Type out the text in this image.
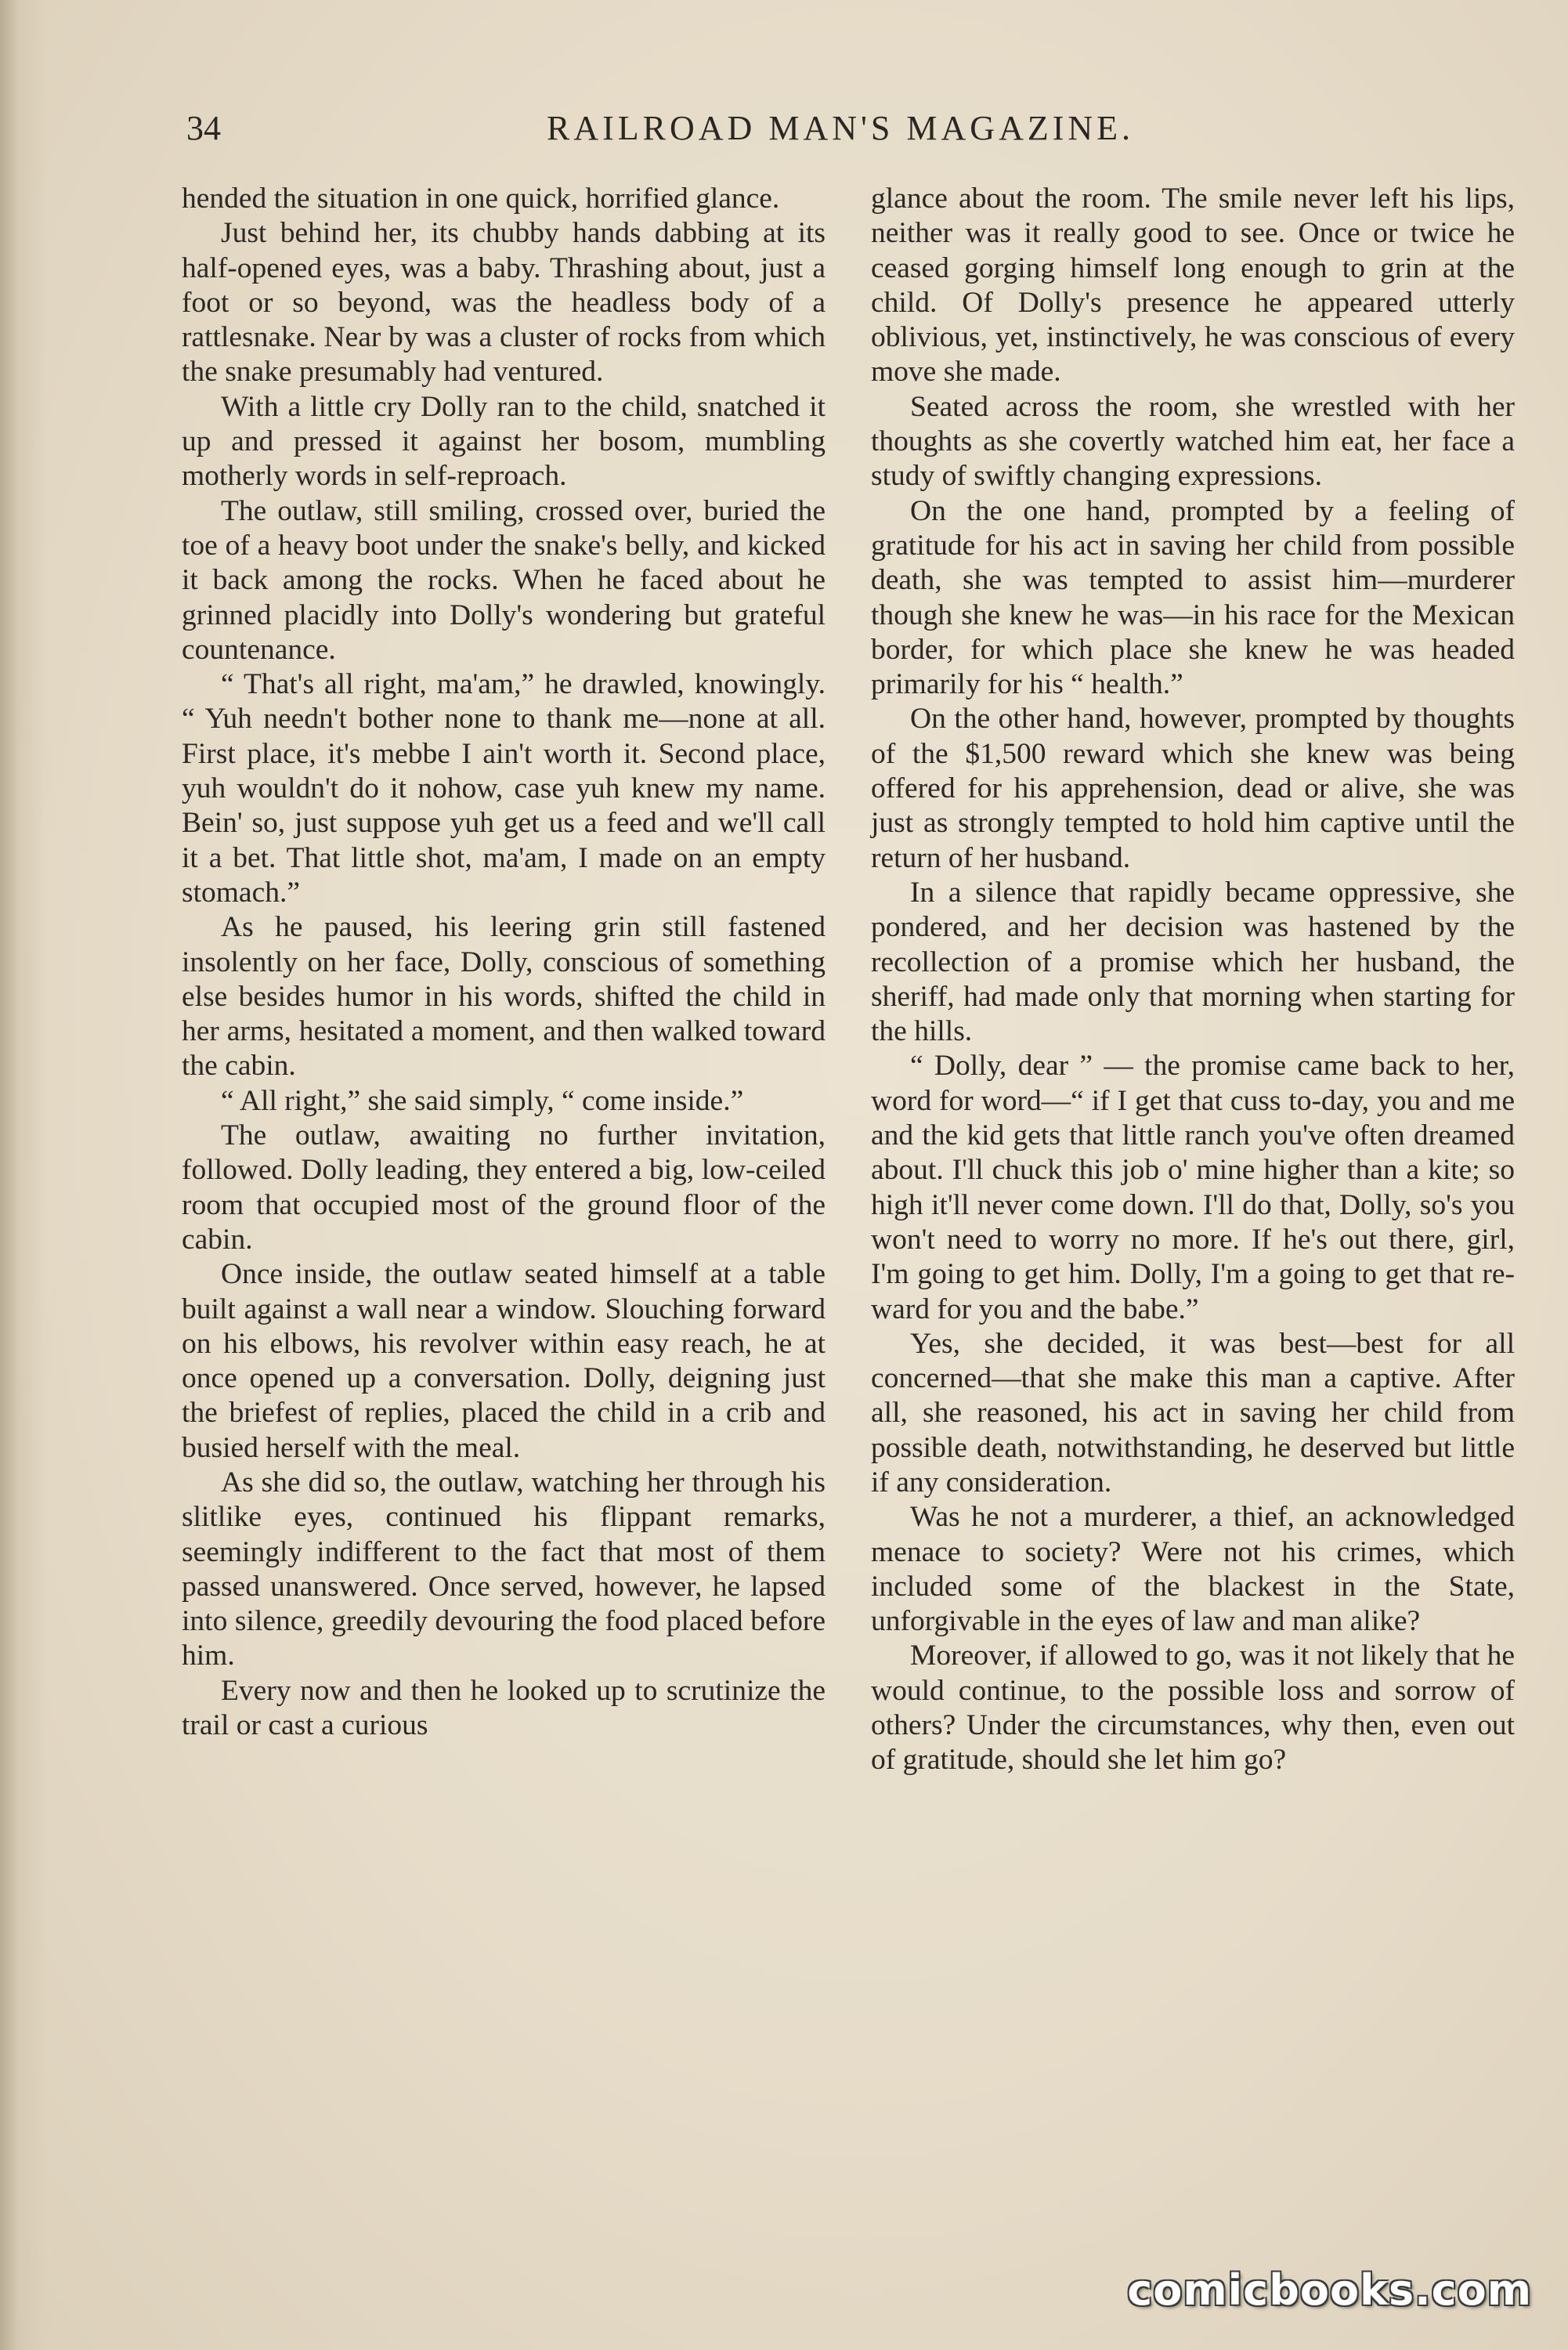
34	RAILROAD MAN'S MAGAZINE.

hended the situation in one quick, horrified glance.

Just behind her, its chubby hands dabbing at its half-opened eyes, was a baby. Thrashing about, just a foot or so beyond, was the headless body of a rattlesnake. Near by was a cluster of rocks from which the snake presumably had ventured.

With a little cry Dolly ran to the child, snatched it up and pressed it against her bosom, mumbling motherly words in self-reproach.

The outlaw, still smiling, crossed over, buried the toe of a heavy boot under the snake's belly, and kicked it back among the rocks. When he faced about he grinned placidly into Dolly's wondering but grateful countenance.

“ That's all right, ma'am,” he drawled, knowingly. “ Yuh needn't bother none to thank me—none at all. First place, it's mebbe I ain't worth it. Second place, yuh wouldn't do it nohow, case yuh knew my name. Bein' so, just suppose yuh get us a feed and we'll call it a bet. That little shot, ma'am, I made on an empty stomach.”

As he paused, his leering grin still fastened insolently on her face, Dolly, conscious of something else besides humor in his words, shifted the child in her arms, hesitated a moment, and then walked toward the cabin.

“ All right,” she said simply, “ come inside.”

The outlaw, awaiting no further invitation, followed. Dolly leading, they entered a big, low-ceiled room that occupied most of the ground floor of the cabin.

Once inside, the outlaw seated himself at a table built against a wall near a window. Slouching forward on his elbows, his revolver within easy reach, he at once opened up a conversation. Dolly, deigning just the briefest of replies, placed the child in a crib and busied herself with the meal.

As she did so, the outlaw, watching her through his slitlike eyes, continued his flippant remarks, seemingly indifferent to the fact that most of them passed unanswered. Once served, however, he lapsed into silence, greedily devouring the food placed before him.

Every now and then he looked up to scrutinize the trail or cast a curious

glance about the room. The smile never left his lips, neither was it really good to see. Once or twice he ceased gorging himself long enough to grin at the child. Of Dolly's presence he appeared utterly oblivious, yet, instinctively, he was conscious of every move she made.

Seated across the room, she wrestled with her thoughts as she covertly watched him eat, her face a study of swiftly changing expressions.

On the one hand, prompted by a feeling of gratitude for his act in saving her child from possible death, she was tempted to assist him—murderer though she knew he was—in his race for the Mexican border, for which place she knew he was headed primarily for his “ health.”

On the other hand, however, prompted by thoughts of the $1,500 reward which she knew was being offered for his apprehension, dead or alive, she was just as strongly tempted to hold him captive until the return of her husband.

In a silence that rapidly became oppressive, she pondered, and her decision was hastened by the recollection of a promise which her husband, the sheriff, had made only that morning when starting for the hills.

“ Dolly, dear ” — the promise came back to her, word for word—“ if I get that cuss to-day, you and me and the kid gets that little ranch you've often dreamed about. I'll chuck this job o' mine higher than a kite; so high it'll never come down. I'll do that, Dolly, so's you won't need to worry no more. If he's out there, girl, I'm going to get him. Dolly, I'm a going to get that reward for you and the babe.”

Yes, she decided, it was best—best for all concerned—that she make this man a captive. After all, she reasoned, his act in saving her child from possible death, notwithstanding, he deserved but little if any consideration.

Was he not a murderer, a thief, an acknowledged menace to society? Were not his crimes, which included some of the blackest in the State, unforgivable in the eyes of law and man alike?

Moreover, if allowed to go, was it not likely that he would continue, to the possible loss and sorrow of others? Under the circumstances, why then, even out of gratitude, should she let him go?

comicbooks.com
